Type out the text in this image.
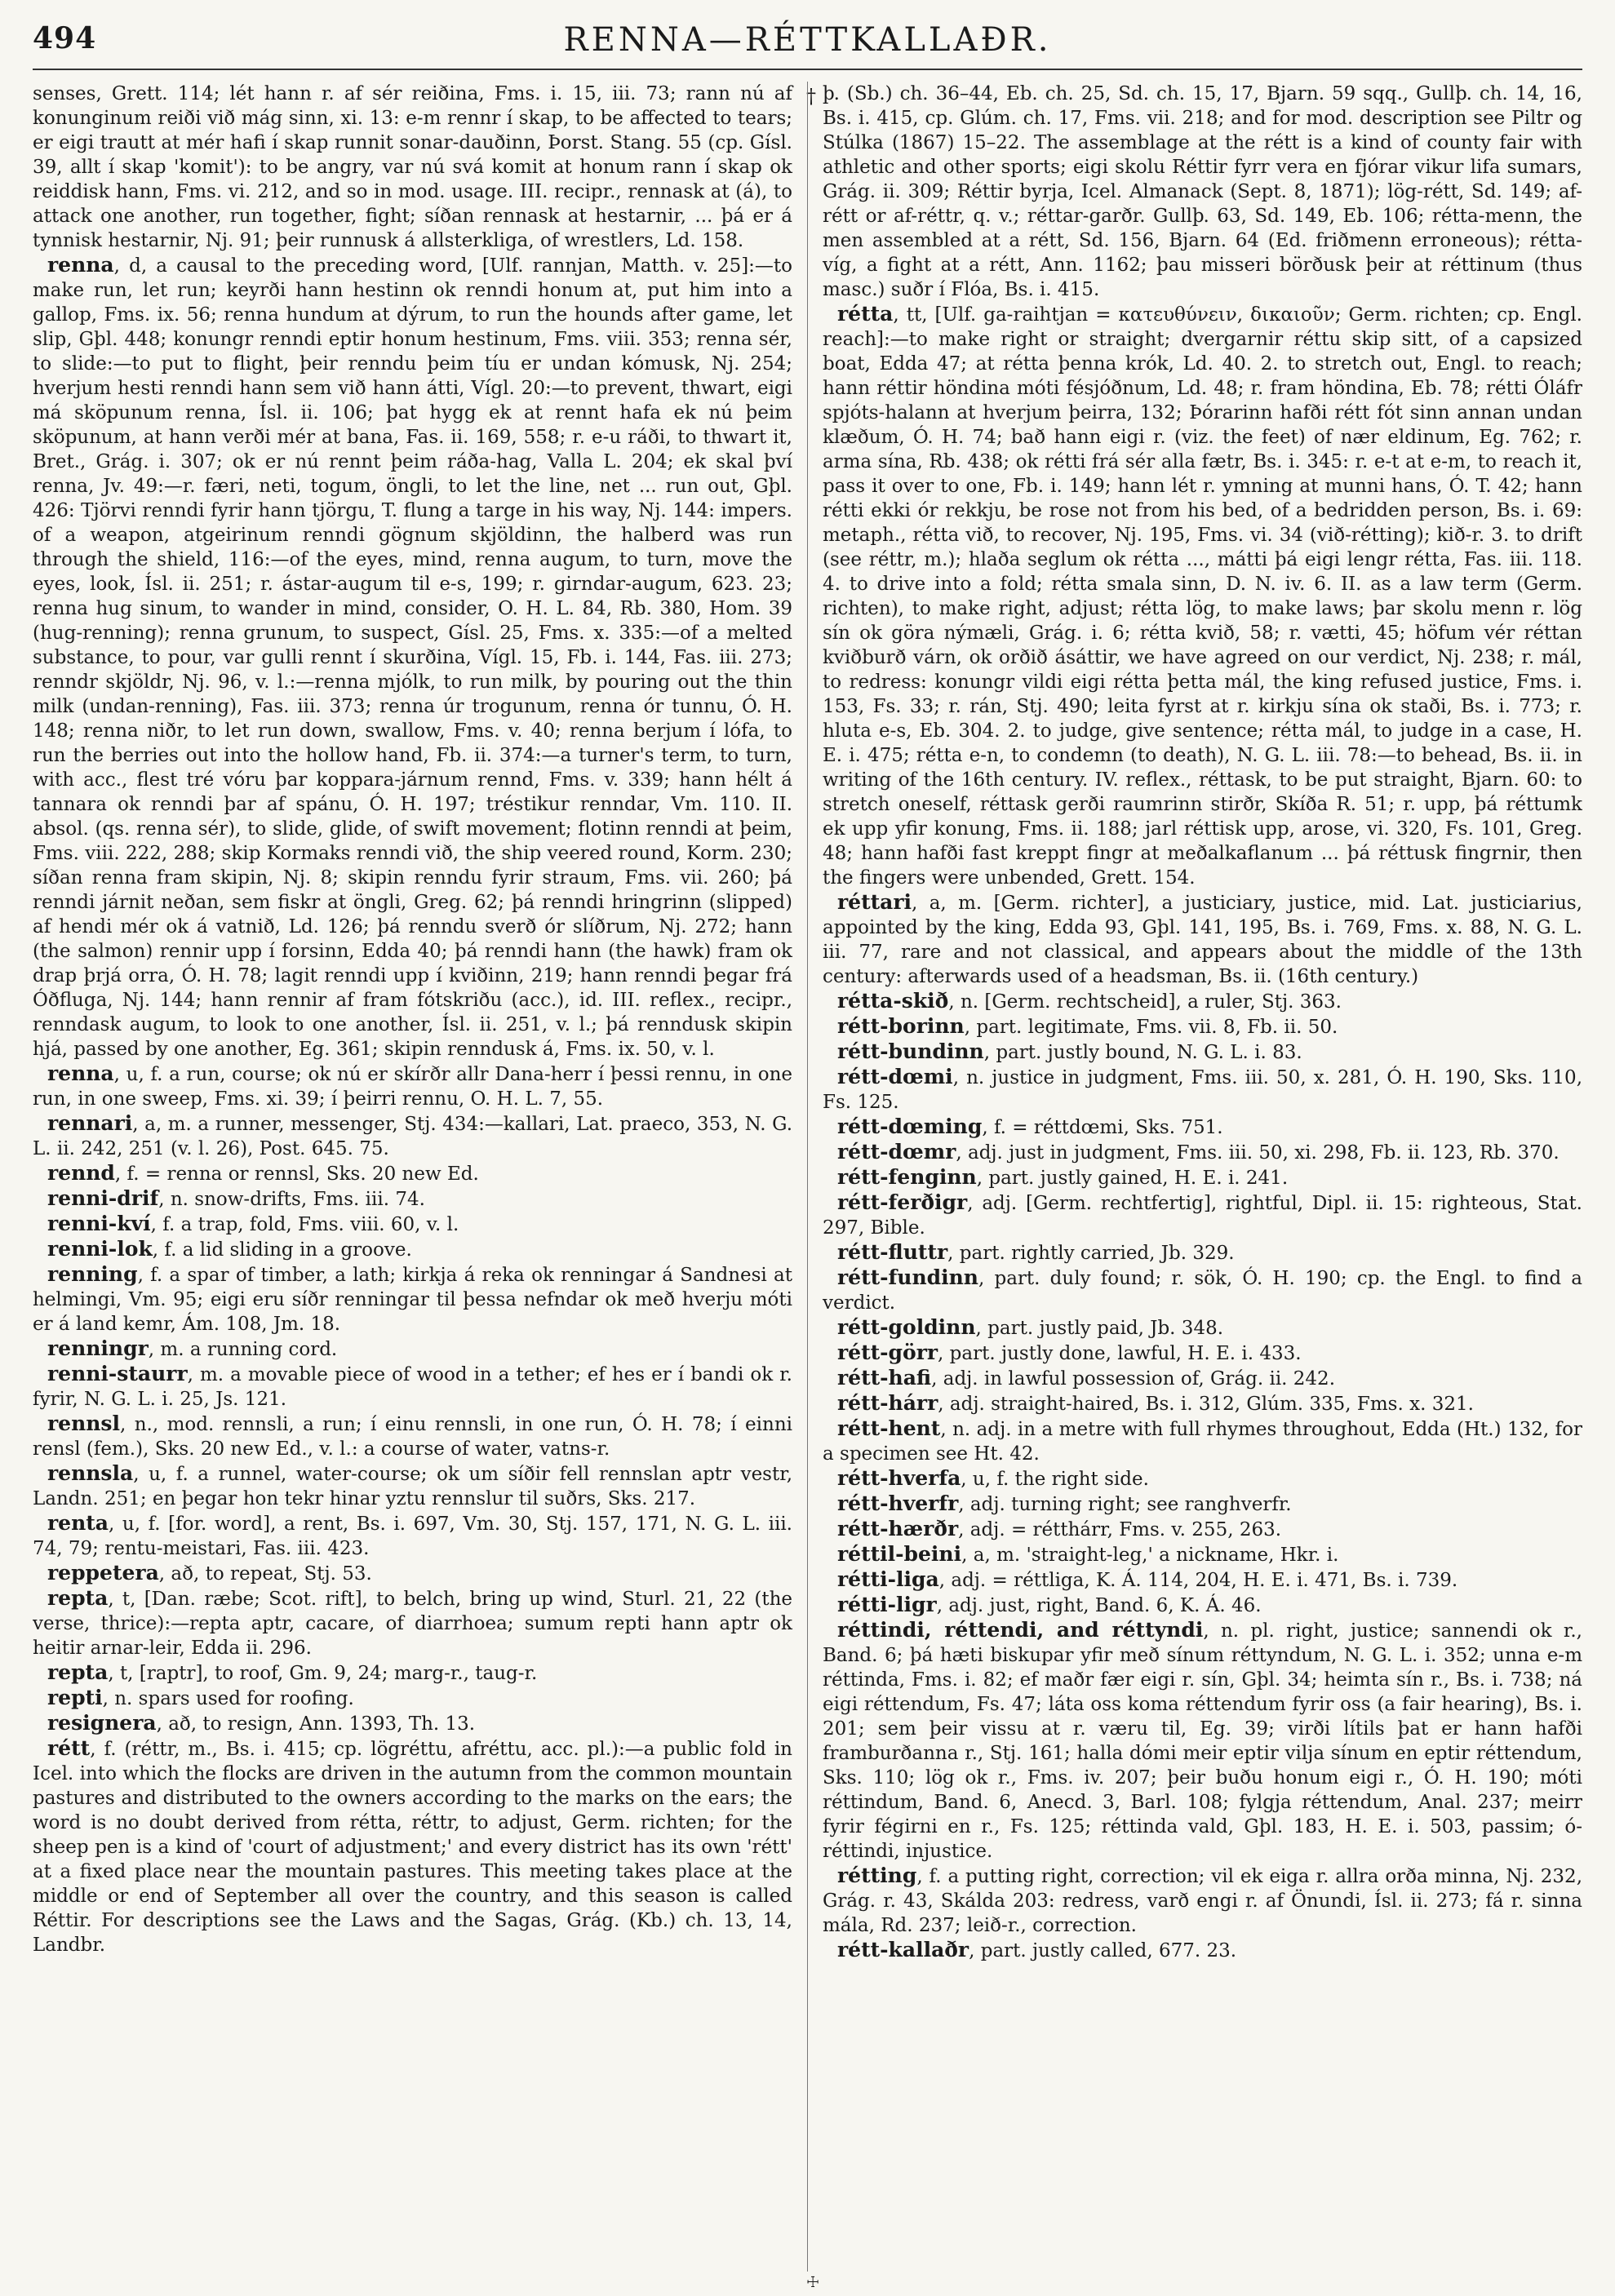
494	RENNA—RÉTTKALLAÐR.
†

senses, Grett. 114; lét hann r. af sér reiðina, Fms. i. 15, iii. 73; rann nú af konunginum reiði við mág sinn, xi. 13: e-m rennr í skap, to be affected to tears; er eigi trautt at mér hafi í skap runnit sonar-dauðinn, Þorst. Stang. 55 (cp. Gísl. 39, allt í skap 'komit'): to be angry, var nú svá komit at honum rann í skap ok reiddisk hann, Fms. vi. 212, and so in mod. usage. III. recipr., rennask at (á), to attack one another, run together, fight; síðan rennask at hestarnir, ... þá er á tynnisk hestarnir, Nj. 91; þeir runnusk á allsterkliga, of wrestlers, Ld. 158.

renna, d, a causal to the preceding word, [Ulf. rannjan, Matth. v. 25]:—to make run, let run; keyrði hann hestinn ok renndi honum at, put him into a gallop, Fms. ix. 56; renna hundum at dýrum, to run the hounds after game, let slip, Gþl. 448; konungr renndi eptir honum hestinum, Fms. viii. 353; renna sér, to slide:—to put to flight, þeir renndu þeim tíu er undan kómusk, Nj. 254; hverjum hesti renndi hann sem við hann átti, Vígl. 20:—to prevent, thwart, eigi má sköpunum renna, Ísl. ii. 106; þat hygg ek at rennt hafa ek nú þeim sköpunum, at hann verði mér at bana, Fas. ii. 169, 558; r. e-u ráði, to thwart it, Bret., Grág. i. 307; ok er nú rennt þeim ráða-hag, Valla L. 204; ek skal því renna, Jv. 49:—r. færi, neti, togum, öngli, to let the line, net ... run out, Gþl. 426: Tjörvi renndi fyrir hann tjörgu, T. flung a targe in his way, Nj. 144: impers. of a weapon, atgeirinum renndi gögnum skjöldinn, the halberd was run through the shield, 116:—of the eyes, mind, renna augum, to turn, move the eyes, look, Ísl. ii. 251; r. ástar-augum til e-s, 199; r. girndar-augum, 623. 23; renna hug sinum, to wander in mind, consider, O. H. L. 84, Rb. 380, Hom. 39 (hug-renning); renna grunum, to suspect, Gísl. 25, Fms. x. 335:—of a melted substance, to pour, var gulli rennt í skurðina, Vígl. 15, Fb. i. 144, Fas. iii. 273; renndr skjöldr, Nj. 96, v. l.:—renna mjólk, to run milk, by pouring out the thin milk (undan-renning), Fas. iii. 373; renna úr trogunum, renna ór tunnu, Ó. H. 148; renna niðr, to let run down, swallow, Fms. v. 40; renna berjum í lófa, to run the berries out into the hollow hand, Fb. ii. 374:—a turner's term, to turn, with acc., flest tré vóru þar koppara-járnum rennd, Fms. v. 339; hann hélt á tannara ok renndi þar af spánu, Ó. H. 197; tréstikur renndar, Vm. 110. II. absol. (qs. renna sér), to slide, glide, of swift movement; flotinn renndi at þeim, Fms. viii. 222, 288; skip Kormaks renndi við, the ship veered round, Korm. 230; síðan renna fram skipin, Nj. 8; skipin renndu fyrir straum, Fms. vii. 260; þá renndi járnit neðan, sem fiskr at öngli, Greg. 62; þá renndi hringrinn (slipped) af hendi mér ok á vatnið, Ld. 126; þá renndu sverð ór slíðrum, Nj. 272; hann (the salmon) rennir upp í forsinn, Edda 40; þá renndi hann (the hawk) fram ok drap þrjá orra, Ó. H. 78; lagit renndi upp í kviðinn, 219; hann renndi þegar frá Óðfluga, Nj. 144; hann rennir af fram fótskriðu (acc.), id. III. reflex., recipr., renndask augum, to look to one another, Ísl. ii. 251, v. l.; þá renndusk skipin hjá, passed by one another, Eg. 361; skipin renndusk á, Fms. ix. 50, v. l.

renna, u, f. a run, course; ok nú er skírðr allr Dana-herr í þessi rennu, in one run, in one sweep, Fms. xi. 39; í þeirri rennu, O. H. L. 7, 55.

rennari, a, m. a runner, messenger, Stj. 434:—kallari, Lat. praeco, 353, N. G. L. ii. 242, 251 (v. l. 26), Post. 645. 75.

rennd, f. = renna or rennsl, Sks. 20 new Ed.

renni-drif, n. snow-drifts, Fms. iii. 74.

renni-kví, f. a trap, fold, Fms. viii. 60, v. l.

renni-lok, f. a lid sliding in a groove.

renning, f. a spar of timber, a lath; kirkja á reka ok renningar á Sandnesi at helmingi, Vm. 95; eigi eru síðr renningar til þessa nefndar ok með hverju móti er á land kemr, Ám. 108, Jm. 18.

renningr, m. a running cord.

renni-staurr, m. a movable piece of wood in a tether; ef hes er í bandi ok r. fyrir, N. G. L. i. 25, Js. 121.

rennsl, n., mod. rennsli, a run; í einu rennsli, in one run, Ó. H. 78; í einni rensl (fem.), Sks. 20 new Ed., v. l.: a course of water, vatns-r.

rennsla, u, f. a runnel, water-course; ok um síðir fell rennslan aptr vestr, Landn. 251; en þegar hon tekr hinar yztu rennslur til suðrs, Sks. 217.

renta, u, f. [for. word], a rent, Bs. i. 697, Vm. 30, Stj. 157, 171, N. G. L. iii. 74, 79; rentu-meistari, Fas. iii. 423.

reppetera, að, to repeat, Stj. 53.

repta, t, [Dan. ræbe; Scot. rift], to belch, bring up wind, Sturl. 21, 22 (the verse, thrice):—repta aptr, cacare, of diarrhoea; sumum repti hann aptr ok heitir arnar-leir, Edda ii. 296.

repta, t, [raptr], to roof, Gm. 9, 24; marg-r., taug-r.

repti, n. spars used for roofing.

resignera, að, to resign, Ann. 1393, Th. 13.

rétt, f. (réttr, m., Bs. i. 415; cp. lögréttu, afréttu, acc. pl.):—a public fold in Icel. into which the flocks are driven in the autumn from the common mountain pastures and distributed to the owners according to the marks on the ears; the word is no doubt derived from rétta, réttr, to adjust, Germ. richten; for the sheep pen is a kind of 'court of adjustment;' and every district has its own 'rétt' at a fixed place near the mountain pastures. This meeting takes place at the middle or end of September all over the country, and this season is called Réttir. For descriptions see the Laws and the Sagas, Grág. (Kb.) ch. 13, 14, Landbr.

þ. (Sb.) ch. 36–44, Eb. ch. 25, Sd. ch. 15, 17, Bjarn. 59 sqq., Gullþ. ch. 14, 16, Bs. i. 415, cp. Glúm. ch. 17, Fms. vii. 218; and for mod. description see Piltr og Stúlka (1867) 15–22. The assemblage at the rétt is a kind of county fair with athletic and other sports; eigi skolu Réttir fyrr vera en fjórar vikur lifa sumars, Grág. ii. 309; Réttir byrja, Icel. Almanack (Sept. 8, 1871); lög-rétt, Sd. 149; af-rétt or af-réttr, q. v.; réttar-garðr. Gullþ. 63, Sd. 149, Eb. 106; rétta-menn, the men assembled at a rétt, Sd. 156, Bjarn. 64 (Ed. friðmenn erroneous); rétta-víg, a fight at a rétt, Ann. 1162; þau misseri börðusk þeir at réttinum (thus masc.) suðr í Flóa, Bs. i. 415.

rétta, tt, [Ulf. ga-raihtjan = κατευθύνειν, δικαιοῦν; Germ. richten; cp. Engl. reach]:—to make right or straight; dvergarnir réttu skip sitt, of a capsized boat, Edda 47; at rétta þenna krók, Ld. 40. 2. to stretch out, Engl. to reach; hann réttir höndina móti fésjóðnum, Ld. 48; r. fram höndina, Eb. 78; rétti Óláfr spjóts-halann at hverjum þeirra, 132; Þórarinn hafði rétt fót sinn annan undan klæðum, Ó. H. 74; bað hann eigi r. (viz. the feet) of nær eldinum, Eg. 762; r. arma sína, Rb. 438; ok rétti frá sér alla fætr, Bs. i. 345: r. e-t at e-m, to reach it, pass it over to one, Fb. i. 149; hann lét r. ymning at munni hans, Ó. T. 42; hann rétti ekki ór rekkju, be rose not from his bed, of a bedridden person, Bs. i. 69: metaph., rétta við, to recover, Nj. 195, Fms. vi. 34 (við-rétting); kið-r. 3. to drift (see réttr, m.); hlaða seglum ok rétta ..., mátti þá eigi lengr rétta, Fas. iii. 118. 4. to drive into a fold; rétta smala sinn, D. N. iv. 6. II. as a law term (Germ. richten), to make right, adjust; rétta lög, to make laws; þar skolu menn r. lög sín ok göra nýmæli, Grág. i. 6; rétta kvið, 58; r. vætti, 45; höfum vér réttan kviðburð várn, ok orðið ásáttir, we have agreed on our verdict, Nj. 238; r. mál, to redress: konungr vildi eigi rétta þetta mál, the king refused justice, Fms. i. 153, Fs. 33; r. rán, Stj. 490; leita fyrst at r. kirkju sína ok staði, Bs. i. 773; r. hluta e-s, Eb. 304. 2. to judge, give sentence; rétta mál, to judge in a case, H. E. i. 475; rétta e-n, to condemn (to death), N. G. L. iii. 78:—to behead, Bs. ii. in writing of the 16th century. IV. reflex., réttask, to be put straight, Bjarn. 60: to stretch oneself, réttask gerði raumrinn stirðr, Skíða R. 51; r. upp, þá réttumk ek upp yfir konung, Fms. ii. 188; jarl réttisk upp, arose, vi. 320, Fs. 101, Greg. 48; hann hafði fast kreppt fingr at meðalkaflanum ... þá réttusk fingrnir, then the fingers were unbended, Grett. 154.

réttari, a, m. [Germ. richter], a justiciary, justice, mid. Lat. justiciarius, appointed by the king, Edda 93, Gþl. 141, 195, Bs. i. 769, Fms. x. 88, N. G. L. iii. 77, rare and not classical, and appears about the middle of the 13th century: afterwards used of a headsman, Bs. ii. (16th century.)

rétta-skið, n. [Germ. rechtscheid], a ruler, Stj. 363.

rétt-borinn, part. legitimate, Fms. vii. 8, Fb. ii. 50.

rétt-bundinn, part. justly bound, N. G. L. i. 83.

rétt-dœmi, n. justice in judgment, Fms. iii. 50, x. 281, Ó. H. 190, Sks. 110, Fs. 125.

rétt-dœming, f. = réttdœmi, Sks. 751.

rétt-dœmr, adj. just in judgment, Fms. iii. 50, xi. 298, Fb. ii. 123, Rb. 370.

rétt-fenginn, part. justly gained, H. E. i. 241.

rétt-ferðigr, adj. [Germ. rechtfertig], rightful, Dipl. ii. 15: righteous, Stat. 297, Bible.

rétt-fluttr, part. rightly carried, Jb. 329.

rétt-fundinn, part. duly found; r. sök, Ó. H. 190; cp. the Engl. to find a verdict.

rétt-goldinn, part. justly paid, Jb. 348.

rétt-görr, part. justly done, lawful, H. E. i. 433.

rétt-hafi, adj. in lawful possession of, Grág. ii. 242.

rétt-hárr, adj. straight-haired, Bs. i. 312, Glúm. 335, Fms. x. 321.

rétt-hent, n. adj. in a metre with full rhymes throughout, Edda (Ht.) 132, for a specimen see Ht. 42.

rétt-hverfa, u, f. the right side.

rétt-hverfr, adj. turning right; see ranghverfr.

rétt-hærðr, adj. = rétthárr, Fms. v. 255, 263.

réttil-beini, a, m. 'straight-leg,' a nickname, Hkr. i.

rétti-liga, adj. = réttliga, K. Á. 114, 204, H. E. i. 471, Bs. i. 739.

rétti-ligr, adj. just, right, Band. 6, K. Á. 46.

réttindi, réttendi, and réttyndi, n. pl. right, justice; sannendi ok r., Band. 6; þá hæti biskupar yfir með sínum réttyndum, N. G. L. i. 352; unna e-m réttinda, Fms. i. 82; ef maðr fær eigi r. sín, Gþl. 34; heimta sín r., Bs. i. 738; ná eigi réttendum, Fs. 47; láta oss koma réttendum fyrir oss (a fair hearing), Bs. i. 201; sem þeir vissu at r. væru til, Eg. 39; virði lítils þat er hann hafði framburðanna r., Stj. 161; halla dómi meir eptir vilja sínum en eptir réttendum, Sks. 110; lög ok r., Fms. iv. 207; þeir buðu honum eigi r., Ó. H. 190; móti réttindum, Band. 6, Anecd. 3, Barl. 108; fylgja réttendum, Anal. 237; meirr fyrir fégirni en r., Fs. 125; réttinda vald, Gþl. 183, H. E. i. 503, passim; ó-réttindi, injustice.

rétting, f. a putting right, correction; vil ek eiga r. allra orða minna, Nj. 232, Grág. r. 43, Skálda 203: redress, varð engi r. af Önundi, Ísl. ii. 273; fá r. sinna mála, Rd. 237; leið-r., correction.

rétt-kallaðr, part. justly called, 677. 23.

☩
